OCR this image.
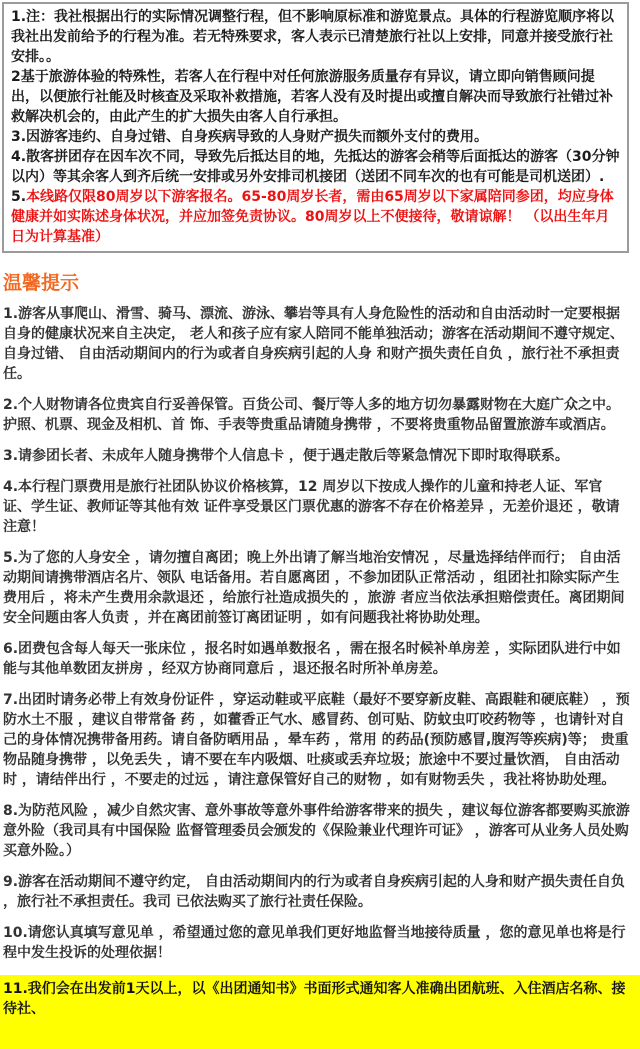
1.注：我社根据出行的实际情况调整行程，但不影响原标准和游览景点。具体的行程游览顺序将以我社出发前给予的行程为准。若无特殊要求，客人表示已清楚旅行社以上安排，同意并接受旅行社安排。。

2基于旅游体验的特殊性，若客人在行程中对任何旅游服务质量存有异议，请立即向销售顾问提出，以便旅行社能及时核查及采取补救措施，若客人没有及时提出或擅自解决而导致旅行社错过补救解决机会的，由此产生的扩大损失由客人自行承担。

3.因游客违约、自身过错、自身疾病导致的人身财产损失而额外支付的费用。

4.散客拼团存在因车次不同，导致先后抵达目的地，先抵达的游客会稍等后面抵达的游客（30分钟以内）等其余客人到齐后统一安排或另外安排司机接团（送团不同车次的也有可能是司机送团）.

5.本线路仅限80周岁以下游客报名。65-80周岁长者，需由65周岁以下家属陪同参团，均应身体健康并如实陈述身体状况，并应加签免责协议。80周岁以上不便接待，敬请谅解！ （以出生年月日为计算基准）

温馨提示

1.游客从事爬山、滑雪、骑马、漂流、游泳、攀岩等具有人身危险性的活动和自由活动时一定要根据自身的健康状况来自主决定， 老人和孩子应有家人陪同不能单独活动；游客在活动期间不遵守规定、 自身过错、 自由活动期间内的行为或者自身疾病引起的人身 和财产损失责任自负 ，旅行社不承担责任。

2.个人财物请各位贵宾自行妥善保管。百货公司、餐厅等人多的地方切勿暴露财物在大庭广众之中。护照、机票、现金及相机、首 饰、手表等贵重品请随身携带 ，不要将贵重物品留置旅游车或酒店。

3.请参团长者、未成年人随身携带个人信息卡 ，便于遇走散后等紧急情况下即时取得联系。

4.本行程门票费用是旅行社团队协议价格核算，12 周岁以下按成人操作的儿童和持老人证、军官证、学生证、教师证等其他有效 证件享受景区门票优惠的游客不存在价格差异 ，无差价退还 ，敬请注意！

5.为了您的人身安全 ，请勿擅自离团；晚上外出请了解当地治安情况 ，尽量选择结伴而行； 自由活动期间请携带酒店名片、领队 电话备用。若自愿离团 ，不参加团队正常活动 ，组团社扣除实际产生费用后 ，将未产生费用余款退还 ，给旅行社造成损失的 ，旅游 者应当依法承担赔偿责任。离团期间安全问题由客人负责 ，并在离团前签订离团证明 ，如有问题我社将协助处理。

6.团费包含每人每天一张床位 ，报名时如遇单数报名 ，需在报名时候补单房差 ，实际团队进行中如能与其他单数团友拼房 ，经双方协商同意后 ，退还报名时所补单房差。

7.出团时请务必带上有效身份证件 ，穿运动鞋或平底鞋（最好不要穿新皮鞋、高跟鞋和硬底鞋） ，预防水土不服 ，建议自带常备 药 ，如藿香正气水、感冒药、创可贴、防蚊虫叮咬药物等 ，也请针对自己的身体情况携带备用药。请自备防晒用品 ，晕车药 ，常用 的药品(预防感冒,腹泻等疾病)等； 贵重物品随身携带 ，以免丢失 ，请不要在车内吸烟、吐痰或丢弃垃圾；旅途中不要过量饮酒， 自由活动时 ，请结伴出行 ，不要走的过远 ，请注意保管好自己的财物 ，如有财物丢失 ，我社将协助处理。

8.为防范风险 ，减少自然灾害、意外事故等意外事件给游客带来的损失 ，建议每位游客都要购买旅游意外险（我司具有中国保险 监督管理委员会颁发的《保险兼业代理许可证》 ，游客可从业务人员处购买意外险。）

9.游客在活动期间不遵守约定， 自由活动期间内的行为或者自身疾病引起的人身和财产损失责任自负 ，旅行社不承担责任。我司 已依法购买了旅行社责任保险。

10.请您认真填写意见单 ，希望通过您的意见单我们更好地监督当地接待质量 ，您的意见单也将是行程中发生投诉的处理依据！

11.我们会在出发前1天以上，以《出团通知书》书面形式通知客人准确出团航班、入住酒店名称、接待社、
